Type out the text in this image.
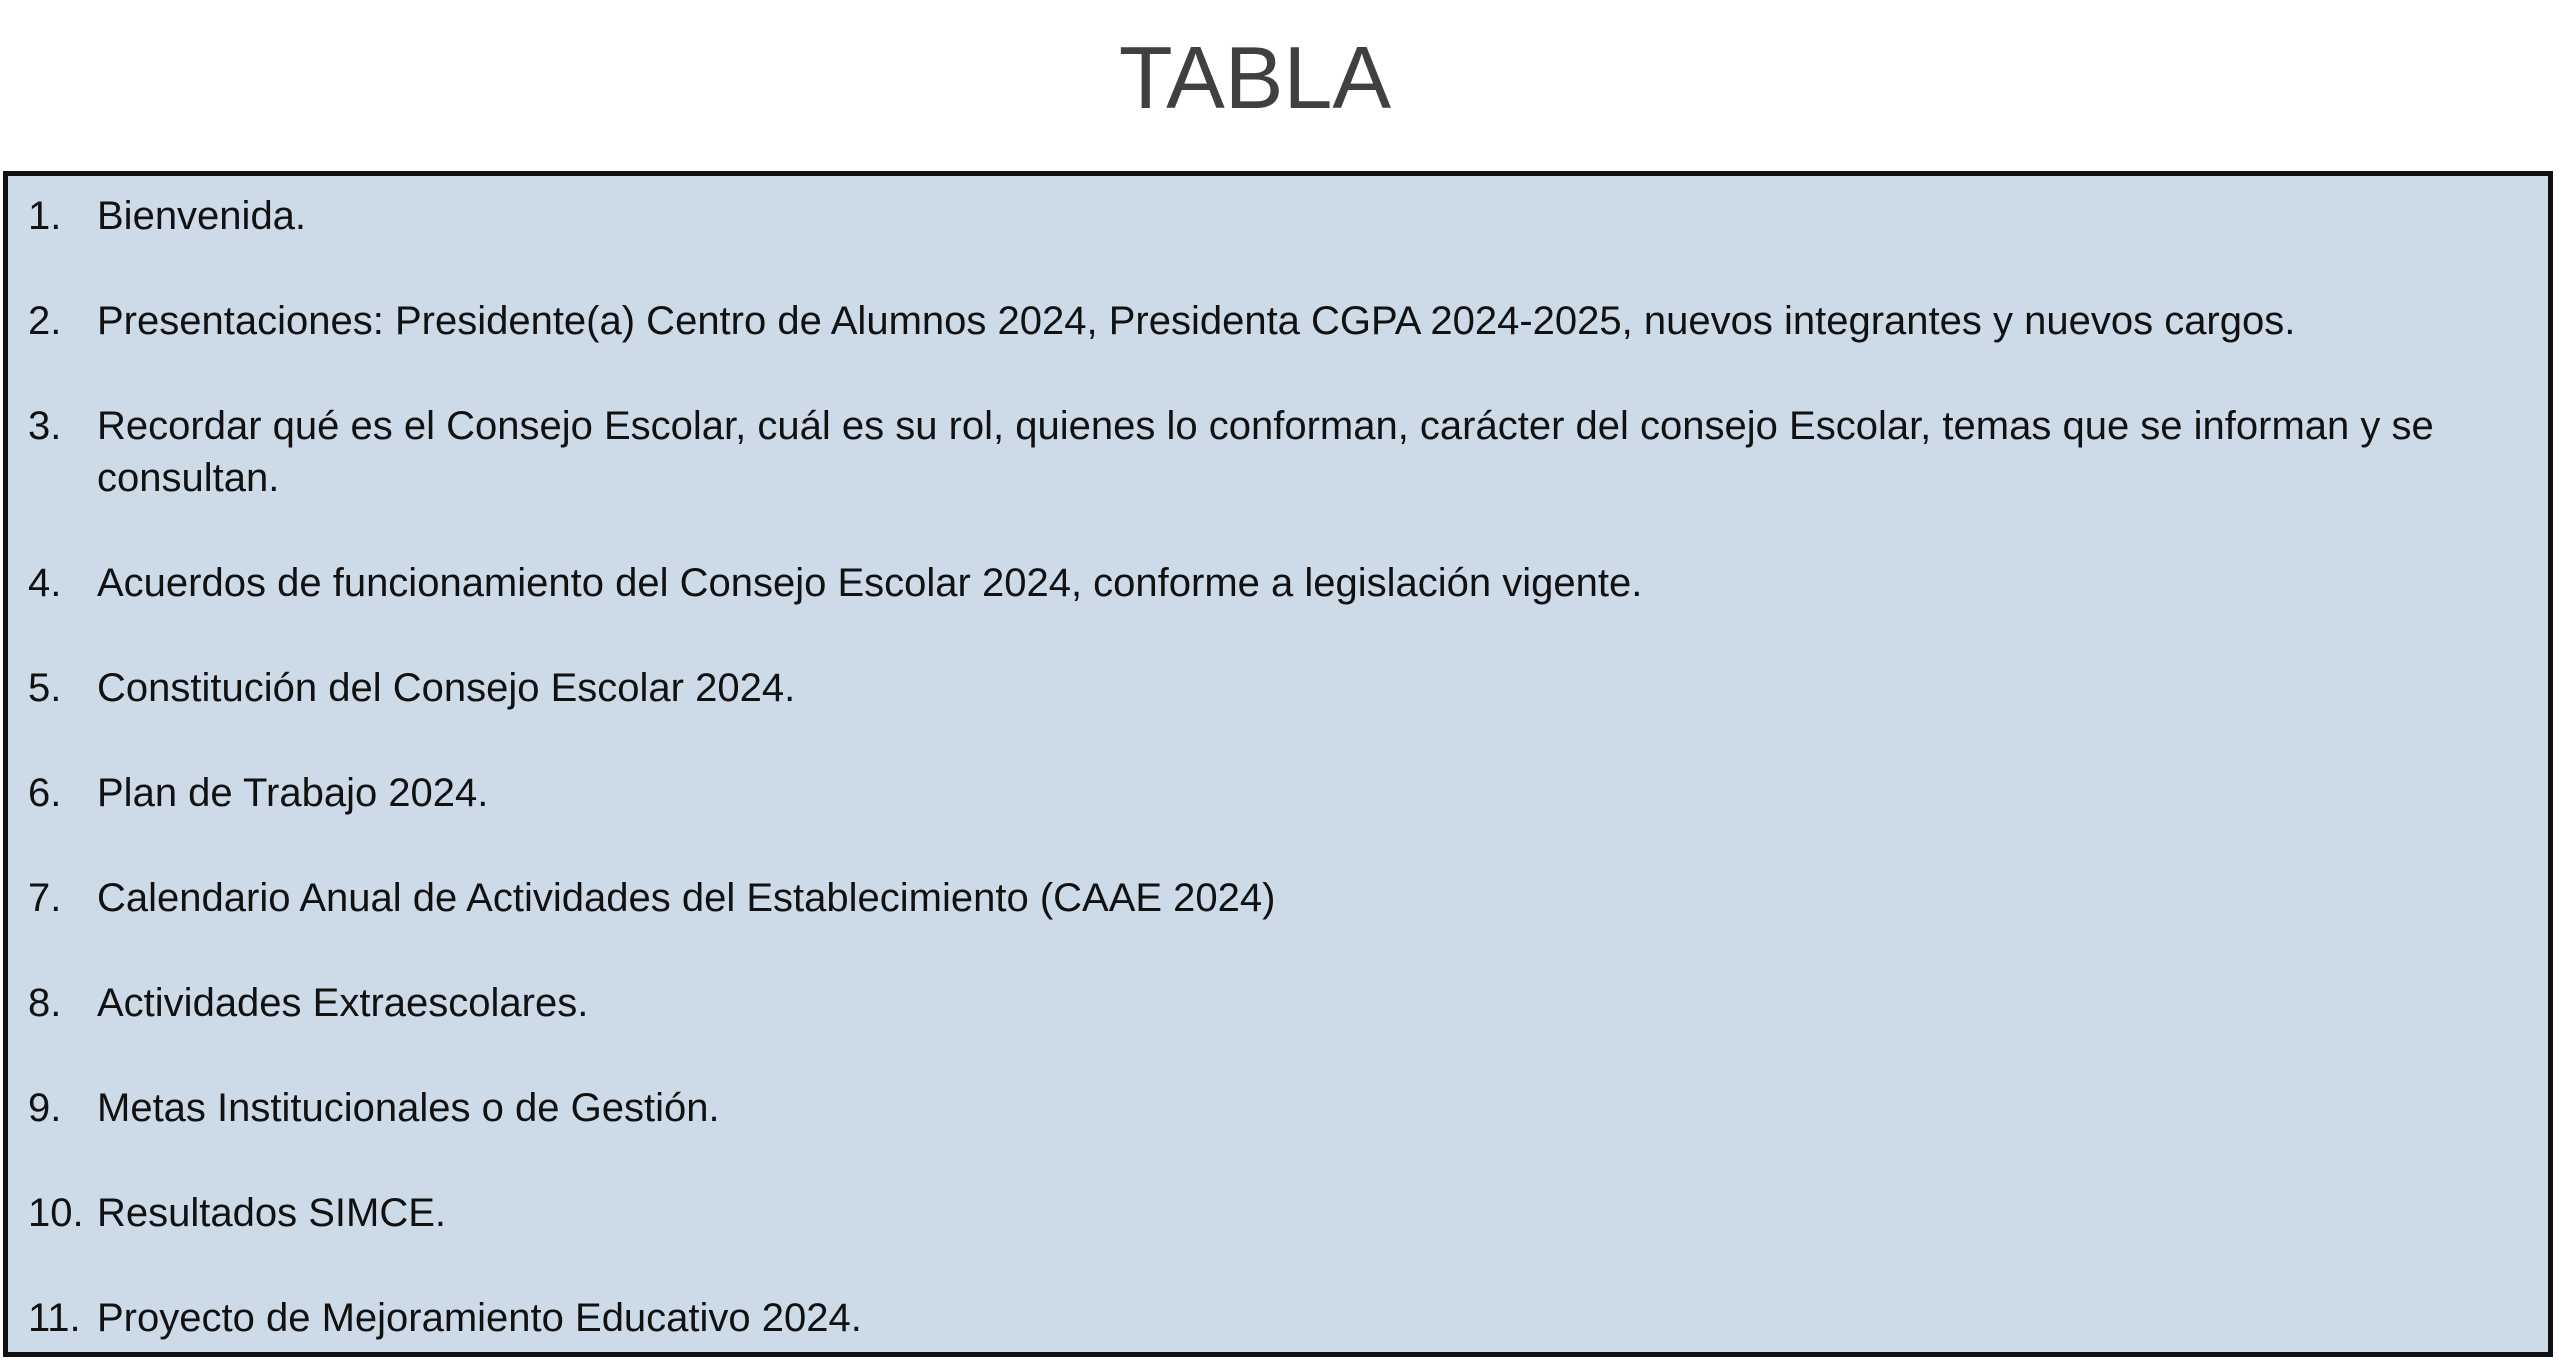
TABLA
1. Bienvenida.
2. Presentaciones: Presidente(a) Centro de Alumnos 2024, Presidenta CGPA 2024-2025, nuevos integrantes y nuevos cargos.
3. Recordar qué es el Consejo Escolar, cuál es su rol, quienes lo conforman, carácter del consejo Escolar, temas que se informan y se consultan.
4. Acuerdos de funcionamiento del Consejo Escolar 2024, conforme a legislación vigente.
5. Constitución del Consejo Escolar 2024.
6. Plan de Trabajo 2024.
7. Calendario Anual de Actividades del Establecimiento (CAAE 2024)
8. Actividades Extraescolares.
9. Metas Institucionales o de Gestión.
10. Resultados SIMCE.
11. Proyecto de Mejoramiento Educativo 2024.
